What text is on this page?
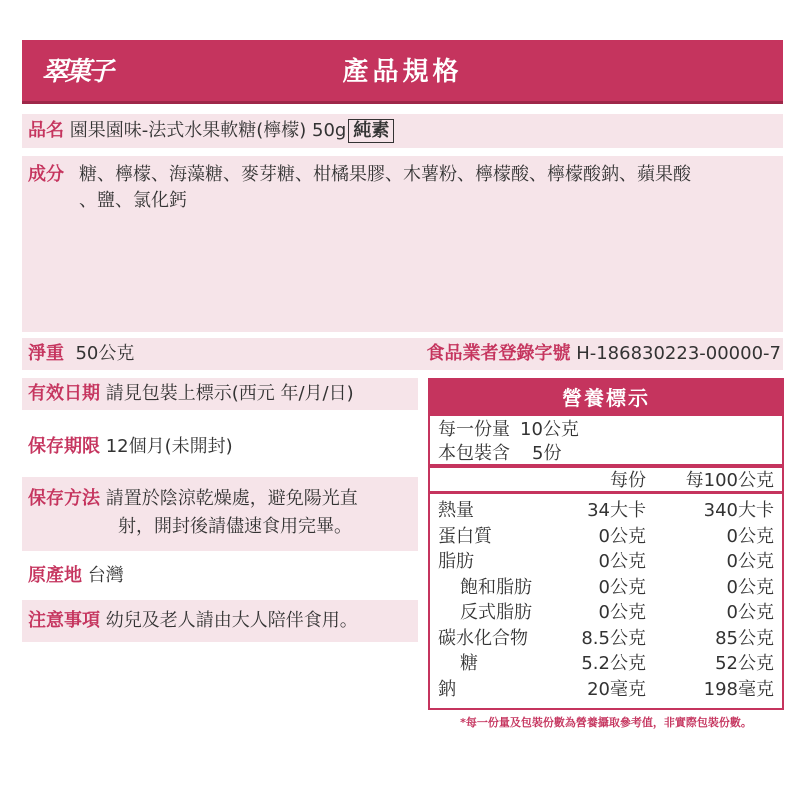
翠菓子	產品規格
品名 園果園味-法式水果軟糖(檸檬) 50g 純素
成分 糖、檸檬、海藻糖、麥芽糖、柑橘果膠、木薯粉、檸檬酸、檸檬酸鈉、蘋果酸
、鹽、氯化鈣
淨重 50公克	食品業者登錄字號 H-186830223-00000-7
有效日期 請見包裝上標示(西元 年/月/日)
保存期限 12個月(未開封)
保存方法 請置於陰涼乾燥處，避免陽光直
射，開封後請儘速食用完畢。
原產地 台灣
注意事項 幼兒及老人請由大人陪伴食用。
營養標示
每一份量 10公克
本包裝含 5份
每份 每100公克
熱量	34大卡	340大卡
蛋白質	0公克	0公克
脂肪	0公克	0公克
飽和脂肪	0公克	0公克
反式脂肪	0公克	0公克
碳水化合物	8.5公克	85公克
糖	5.2公克	52公克
鈉	20毫克	198毫克
*每一份量及包裝份數為營養攝取參考值，非實際包裝份數。
